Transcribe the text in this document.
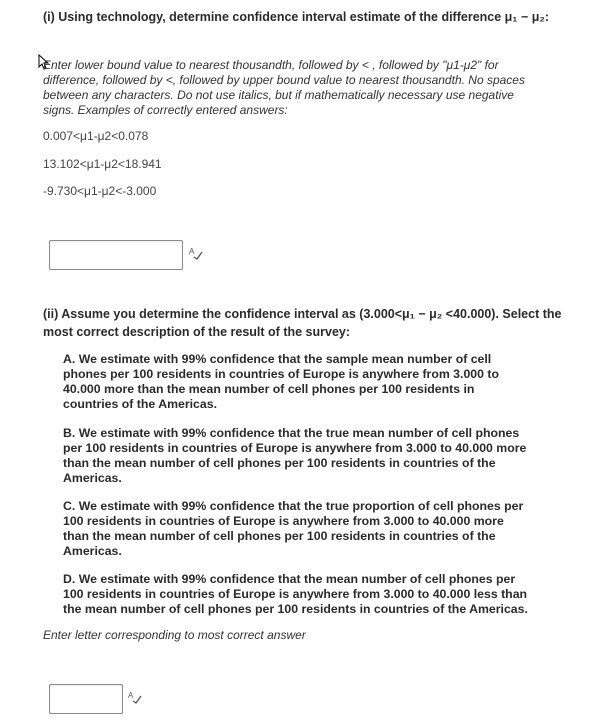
(i) Using technology, determine confidence interval estimate of the difference μ₁ − μ₂:
Enter lower bound value to nearest thousandth, followed by < , followed by "μ1-μ2" for difference, followed by <, followed by upper bound value to nearest thousandth. No spaces between any characters. Do not use italics, but if mathematically necessary use negative signs. Examples of correctly entered answers:
0.007<μ1-μ2<0.078
13.102<μ1-μ2<18.941
-9.730<μ1-μ2<-3.000
A
(ii) Assume you determine the confidence interval as (3.000<μ₁ − μ₂ <40.000). Select the most correct description of the result of the survey:
A. We estimate with 99% confidence that the sample mean number of cell phones per 100 residents in countries of Europe is anywhere from 3.000 to 40.000 more than the mean number of cell phones per 100 residents in countries of the Americas.
B. We estimate with 99% confidence that the true mean number of cell phones per 100 residents in countries of Europe is anywhere from 3.000 to 40.000 more than the mean number of cell phones per 100 residents in countries of the Americas.
C. We estimate with 99% confidence that the true proportion of cell phones per 100 residents in countries of Europe is anywhere from 3.000 to 40.000 more than the mean number of cell phones per 100 residents in countries of the Americas.
D. We estimate with 99% confidence that the mean number of cell phones per 100 residents in countries of Europe is anywhere from 3.000 to 40.000 less than the mean number of cell phones per 100 residents in countries of the Americas.
Enter letter corresponding to most correct answer
A
